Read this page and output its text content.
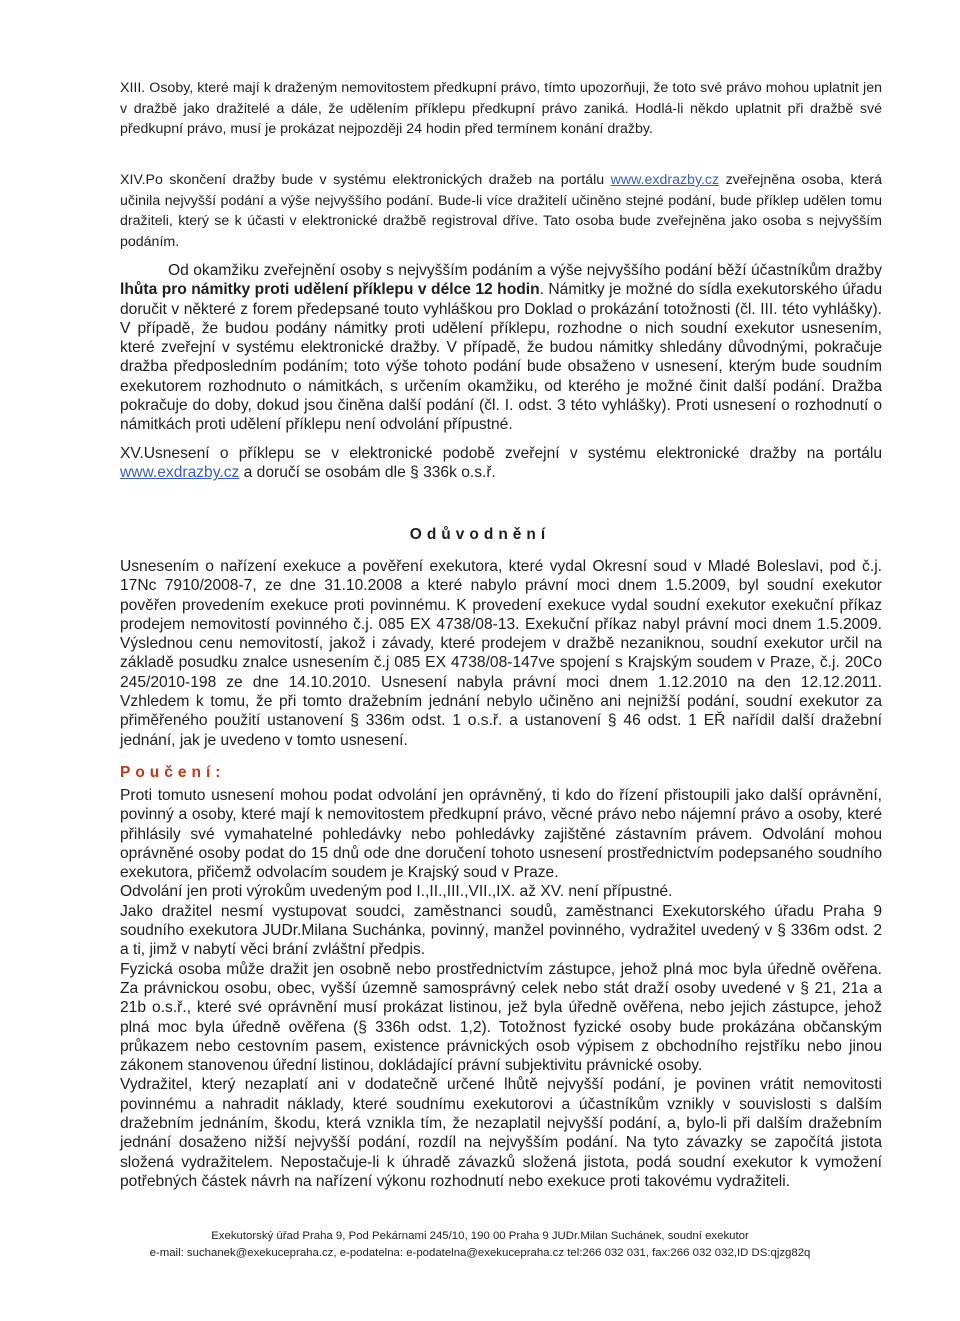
XIII. Osoby, které mají k draženým nemovitostem předkupní právo, tímto upozorňuji, že toto své právo mohou uplatnit jen v dražbě jako dražitelé a dále, že udělením příklepu předkupní právo zaniká. Hodlá-li někdo uplatnit při dražbě své předkupní právo, musí je prokázat nejpozději 24 hodin před termínem konání dražby.

XIV.Po skončení dražby bude v systému elektronických dražeb na portálu www.exdrazby.cz zveřejněna osoba, která učinila nejvyšší podání a výše nejvyššího podání. Bude-li více dražitelí učiněno stejné podání, bude příklep udělen tomu dražiteli, který se k účasti v elektronické dražbě registroval dříve. Tato osoba bude zveřejněna jako osoba s nejvyšším podáním.

Od okamžiku zveřejnění osoby s nejvyšším podáním a výše nejvyššího podání běží účastníkům dražby lhůta pro námitky proti udělení příklepu v délce 12 hodin. Námitky je možné do sídla exekutorského úřadu doručit v některé z forem předepsané touto vyhláškou pro Doklad o prokázání totožnosti (čl. III. této vyhlášky). V případě, že budou podány námitky proti udělení příklepu, rozhodne o nich soudní exekutor usnesením, které zveřejní v systému elektronické dražby. V případě, že budou námitky shledány důvodnými, pokračuje dražba předposledním podáním; toto výše tohoto podání bude obsaženo v usnesení, kterým bude soudním exekutorem rozhodnuto o námitkách, s určením okamžiku, od kterého je možné činit další podání. Dražba pokračuje do doby, dokud jsou činěna další podání (čl. I. odst. 3 této vyhlášky). Proti usnesení o rozhodnutí o námitkách proti udělení příklepu není odvolání přípustné.

XV.Usnesení o příklepu se v elektronické podobě zveřejní v systému elektronické dražby na portálu www.exdrazby.cz a doručí se osobám dle § 336k o.s.ř.

Odůvodnění

Usnesením o nařízení exekuce a pověření exekutora, které vydal Okresní soud v Mladé Boleslavi, pod č.j. 17Nc 7910/2008-7, ze dne 31.10.2008 a které nabylo právní moci dnem 1.5.2009, byl soudní exekutor pověřen provedením exekuce proti povinnému. K provedení exekuce vydal soudní exekutor exekuční příkaz prodejem nemovitostí povinného č.j. 085 EX 4738/08-13. Exekuční příkaz nabyl právní moci dnem 1.5.2009. Výslednou cenu nemovitostí, jakož i závady, které prodejem v dražbě nezaniknou, soudní exekutor určil na základě posudku znalce usnesením č.j 085 EX 4738/08-147ve spojení s Krajským soudem v Praze, č.j. 20Co 245/2010-198 ze dne 14.10.2010. Usnesení nabyla právní moci dnem 1.12.2010 na den 12.12.2011. Vzhledem k tomu, že při tomto dražebním jednání nebylo učiněno ani nejnižší podání, soudní exekutor za přiměřeného použití ustanovení § 336m odst. 1 o.s.ř. a ustanovení § 46 odst. 1 EŘ nařídil další dražební jednání, jak je uvedeno v tomto usnesení.

Poučení:

Proti tomuto usnesení mohou podat odvolání jen oprávněný, ti kdo do řízení přistoupili jako další oprávnění, povinný a osoby, které mají k nemovitostem předkupní právo, věcné právo nebo nájemní právo a osoby, které přihlásily své vymahatelné pohledávky nebo pohledávky zajištěné zástavním právem. Odvolání mohou oprávněné osoby podat do 15 dnů ode dne doručení tohoto usnesení prostřednictvím podepsaného soudního exekutora, přičemž odvolacím soudem je Krajský soud v Praze.

Odvolání jen proti výrokům uvedeným pod I.,II.,III.,VII.,IX. až XV. není přípustné.

Jako dražitel nesmí vystupovat soudci, zaměstnanci soudů, zaměstnanci Exekutorského úřadu Praha 9 soudního exekutora JUDr.Milana Suchánka, povinný, manžel povinného, vydražitel uvedený v § 336m odst. 2 a ti, jimž v nabytí věci brání zvláštní předpis.

Fyzická osoba může dražit jen osobně nebo prostřednictvím zástupce, jehož plná moc byla úředně ověřena. Za právnickou osobu, obec, vyšší územně samosprávný celek nebo stát draží osoby uvedené v § 21, 21a a 21b o.s.ř., které své oprávnění musí prokázat listinou, jež byla úředně ověřena, nebo jejich zástupce, jehož plná moc byla úředně ověřena (§ 336h odst. 1,2). Totožnost fyzické osoby bude prokázána občanským průkazem nebo cestovním pasem, existence právnických osob výpisem z obchodního rejstříku nebo jinou zákonem stanovenou úřední listinou, dokládající právní subjektivitu právnické osoby.

Vydražitel, který nezaplatí ani v dodatečně určené lhůtě nejvyšší podání, je povinen vrátit nemovitosti povinnému a nahradit náklady, které soudnímu exekutorovi a účastníkům vznikly v souvislosti s dalším dražebním jednáním, škodu, která vznikla tím, že nezaplatil nejvyšší podání, a, bylo-li při dalším dražebním jednání dosaženo nižší nejvyšší podání, rozdíl na nejvyšším podání. Na tyto závazky se započítá jistota složená vydražitelem. Nepostačuje-li k úhradě závazků složená jistota, podá soudní exekutor k vymožení potřebných částek návrh na nařízení výkonu rozhodnutí nebo exekuce proti takovému vydražiteli.

Exekutorský úřad Praha 9, Pod Pekárnami 245/10, 190 00 Praha 9 JUDr.Milan Suchánek, soudní exekutor
e-mail: suchanek@exekucepraha.cz, e-podatelna: e-podatelna@exekucepraha.cz tel:266 032 031, fax:266 032 032,ID DS:qjzg82q
